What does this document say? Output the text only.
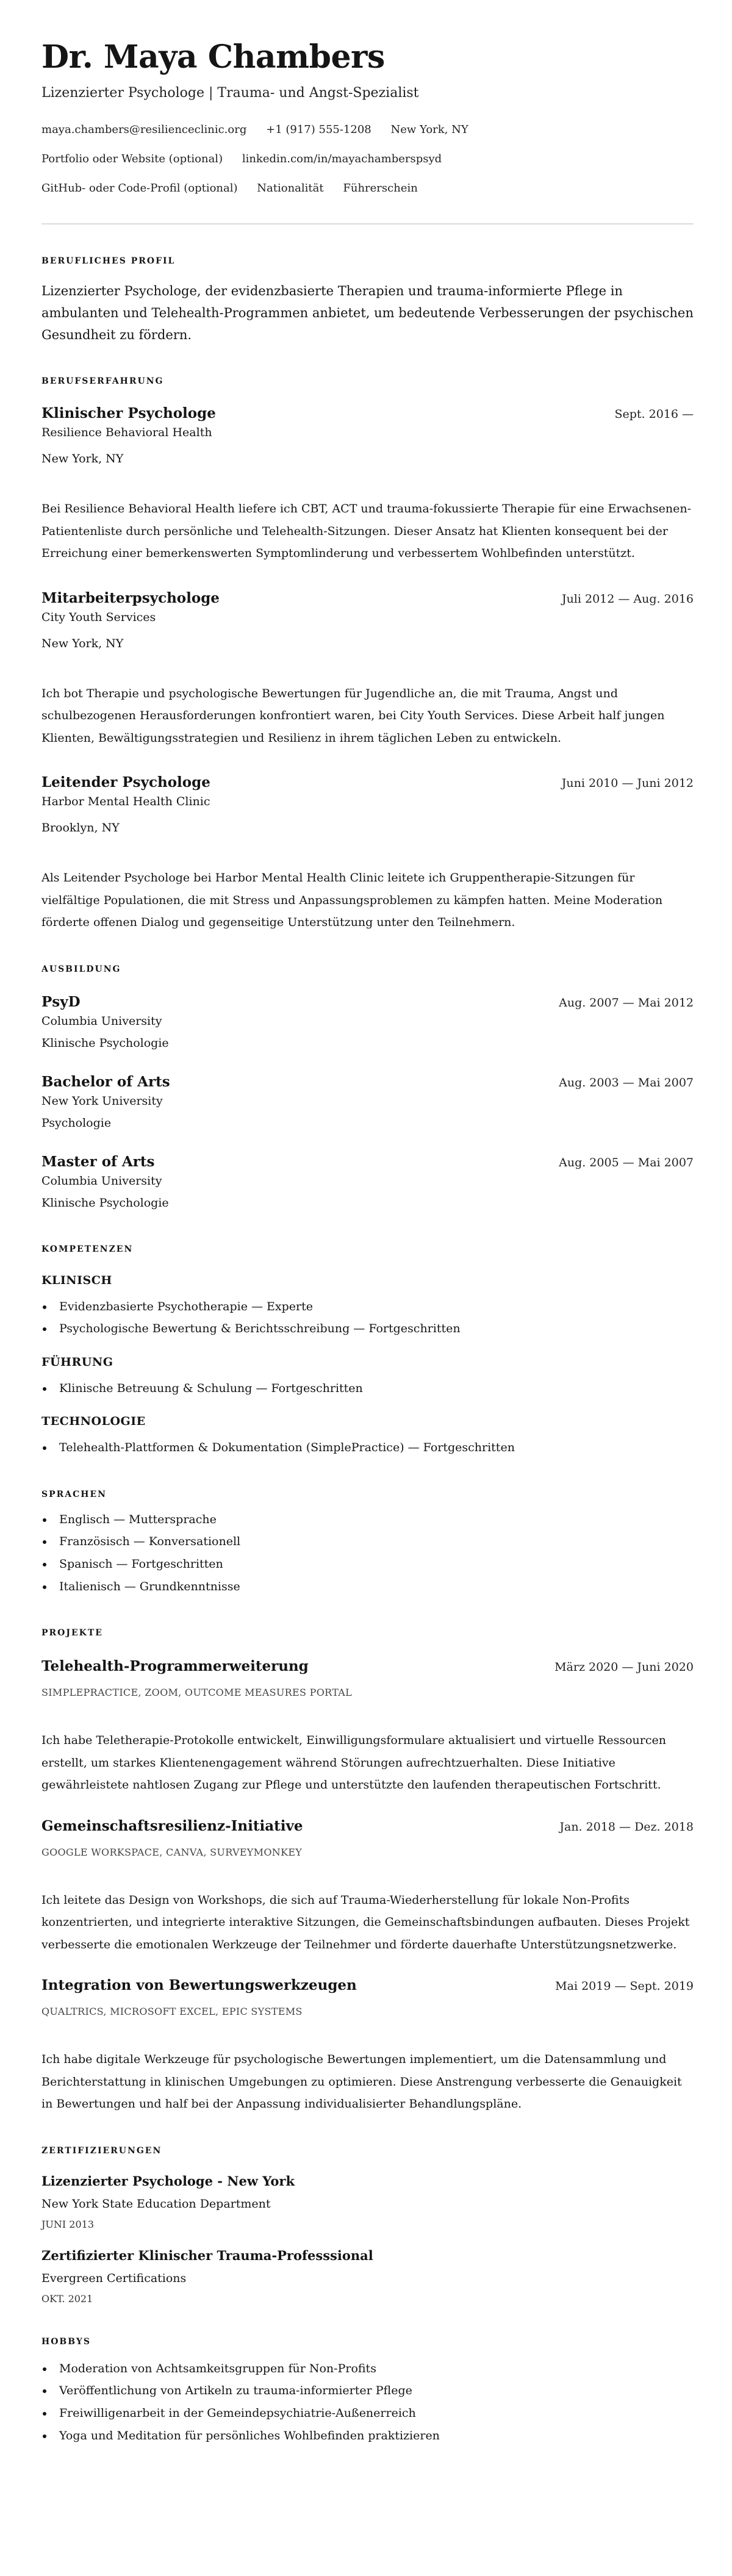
Dr. Maya Chambers
Lizenzierter Psychologe | Trauma- und Angst-Spezialist
maya.chambers@resilienceclinic.org +1 (917) 555-1208 New York, NY
Portfolio oder Website (optional) linkedin.com/in/mayachamberspsyd
GitHub- oder Code-Profil (optional) Nationalität Führerschein
BERUFLICHES PROFIL

Lizenzierter Psychologe, der evidenzbasierte Therapien und trauma-informierte Pflege in ambulanten und Telehealth-Programmen anbietet, um bedeutende Verbesserungen der psychischen Gesundheit zu fördern.

BERUFSERFAHRUNG
Klinischer Psychologe	Sept. 2016 —
Resilience Behavioral Health
New York, NY
Bei Resilience Behavioral Health liefere ich CBT, ACT und trauma-fokussierte Therapie für eine Erwachsenen-Patientenliste durch persönliche und Telehealth-Sitzungen. Dieser Ansatz hat Klienten konsequent bei der Erreichung einer bemerkenswerten Symptomlinderung und verbessertem Wohlbefinden unterstützt.
Mitarbeiterpsychologe	Juli 2012 — Aug. 2016
City Youth Services
New York, NY
Ich bot Therapie und psychologische Bewertungen für Jugendliche an, die mit Trauma, Angst und schulbezogenen Herausforderungen konfrontiert waren, bei City Youth Services. Diese Arbeit half jungen Klienten, Bewältigungsstrategien und Resilienz in ihrem täglichen Leben zu entwickeln.
Leitender Psychologe	Juni 2010 — Juni 2012
Harbor Mental Health Clinic
Brooklyn, NY
Als Leitender Psychologe bei Harbor Mental Health Clinic leitete ich Gruppentherapie-Sitzungen für vielfältige Populationen, die mit Stress und Anpassungsproblemen zu kämpfen hatten. Meine Moderation förderte offenen Dialog und gegenseitige Unterstützung unter den Teilnehmern.
AUSBILDUNG
PsyD	Aug. 2007 — Mai 2012
Columbia University
Klinische Psychologie
Bachelor of Arts	Aug. 2003 — Mai 2007
New York University
Psychologie
Master of Arts	Aug. 2005 — Mai 2007
Columbia University
Klinische Psychologie
KOMPETENZEN
KLINISCH
Evidenzbasierte Psychotherapie — Experte
Psychologische Bewertung & Berichtsschreibung — Fortgeschritten
FÜHRUNG
Klinische Betreuung & Schulung — Fortgeschritten
TECHNOLOGIE
Telehealth-Plattformen & Dokumentation (SimplePractice) — Fortgeschritten
SPRACHEN
Englisch — Muttersprache
Französisch — Konversationell
Spanisch — Fortgeschritten
Italienisch — Grundkenntnisse
PROJEKTE
Telehealth-Programmerweiterung	März 2020 — Juni 2020
SIMPLEPRACTICE, ZOOM, OUTCOME MEASURES PORTAL
Ich habe Teletherapie-Protokolle entwickelt, Einwilligungsformulare aktualisiert und virtuelle Ressourcen erstellt, um starkes Klientenengagement während Störungen aufrechtzuerhalten. Diese Initiative gewährleistete nahtlosen Zugang zur Pflege und unterstützte den laufenden therapeutischen Fortschritt.
Gemeinschaftsresilienz-Initiative	Jan. 2018 — Dez. 2018
GOOGLE WORKSPACE, CANVA, SURVEYMONKEY
Ich leitete das Design von Workshops, die sich auf Trauma-Wiederherstellung für lokale Non-Profits konzentrierten, und integrierte interaktive Sitzungen, die Gemeinschaftsbindungen aufbauten. Dieses Projekt verbesserte die emotionalen Werkzeuge der Teilnehmer und förderte dauerhafte Unterstützungsnetzwerke.
Integration von Bewertungswerkzeugen	Mai 2019 — Sept. 2019
QUALTRICS, MICROSOFT EXCEL, EPIC SYSTEMS
Ich habe digitale Werkzeuge für psychologische Bewertungen implementiert, um die Datensammlung und Berichterstattung in klinischen Umgebungen zu optimieren. Diese Anstrengung verbesserte die Genauigkeit in Bewertungen und half bei der Anpassung individualisierter Behandlungspläne.
ZERTIFIZIERUNGEN
Lizenzierter Psychologe - New York
New York State Education Department
JUNI 2013
Zertifizierter Klinischer Trauma-Professsional
Evergreen Certifications
OKT. 2021
HOBBYS
Moderation von Achtsamkeitsgruppen für Non-Profits
Veröffentlichung von Artikeln zu trauma-informierter Pflege
Freiwilligenarbeit in der Gemeindepsychiatrie-Außenerreich
Yoga und Meditation für persönliches Wohlbefinden praktizieren
